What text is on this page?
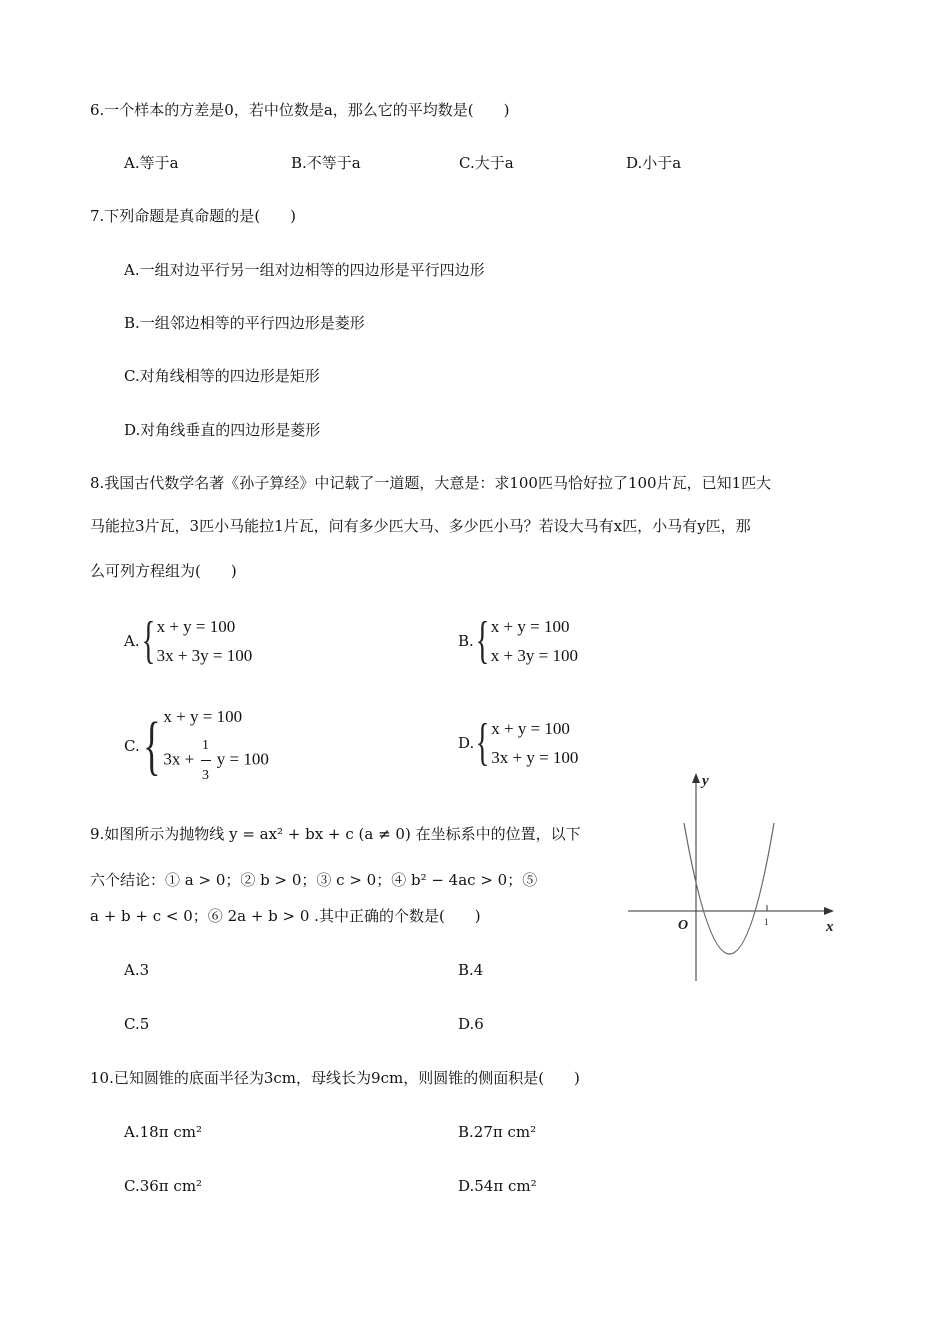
6.一个样本的方差是0，若中位数是a，那么它的平均数是(　　)
A.等于a	B.不等于a	C.大于a	D.小于a
7.下列命题是真命题的是(　　)
A.一组对边平行另一组对边相等的四边形是平行四边形
B.一组邻边相等的平行四边形是菱形
C.对角线相等的四边形是矩形
D.对角线垂直的四边形是菱形
8.我国古代数学名著《孙子算经》中记载了一道题，大意是：求100匹马恰好拉了100片瓦，已知1匹大
马能拉3片瓦，3匹小马能拉1片瓦，问有多少匹大马、多少匹小马？若设大马有x匹，小马有y匹，那
么可列方程组为(　　)
A. { x + y = 100
3x + 3y = 100
B. { x + y = 100
x + 3y = 100
C. { x + y = 100
$3x + \frac{1}{3}$ y = 100
D. { x + y = 100
3x + y = 100
9.如图所示为抛物线 y = ax² + bx + c (a ≠ 0) 在坐标系中的位置，以下
六个结论：① a > 0；② b > 0；③ c > 0；④ b² − 4ac > 0；⑤
a + b + c < 0；⑥ 2a + b > 0 .其中正确的个数是(　　)
A.3	B.4
C.5	D.6
y
x
O	1
10.已知圆锥的底面半径为3cm，母线长为9cm，则圆锥的侧面积是(　　)
A.18π cm²	B.27π cm²
C.36π cm²	D.54π cm²
